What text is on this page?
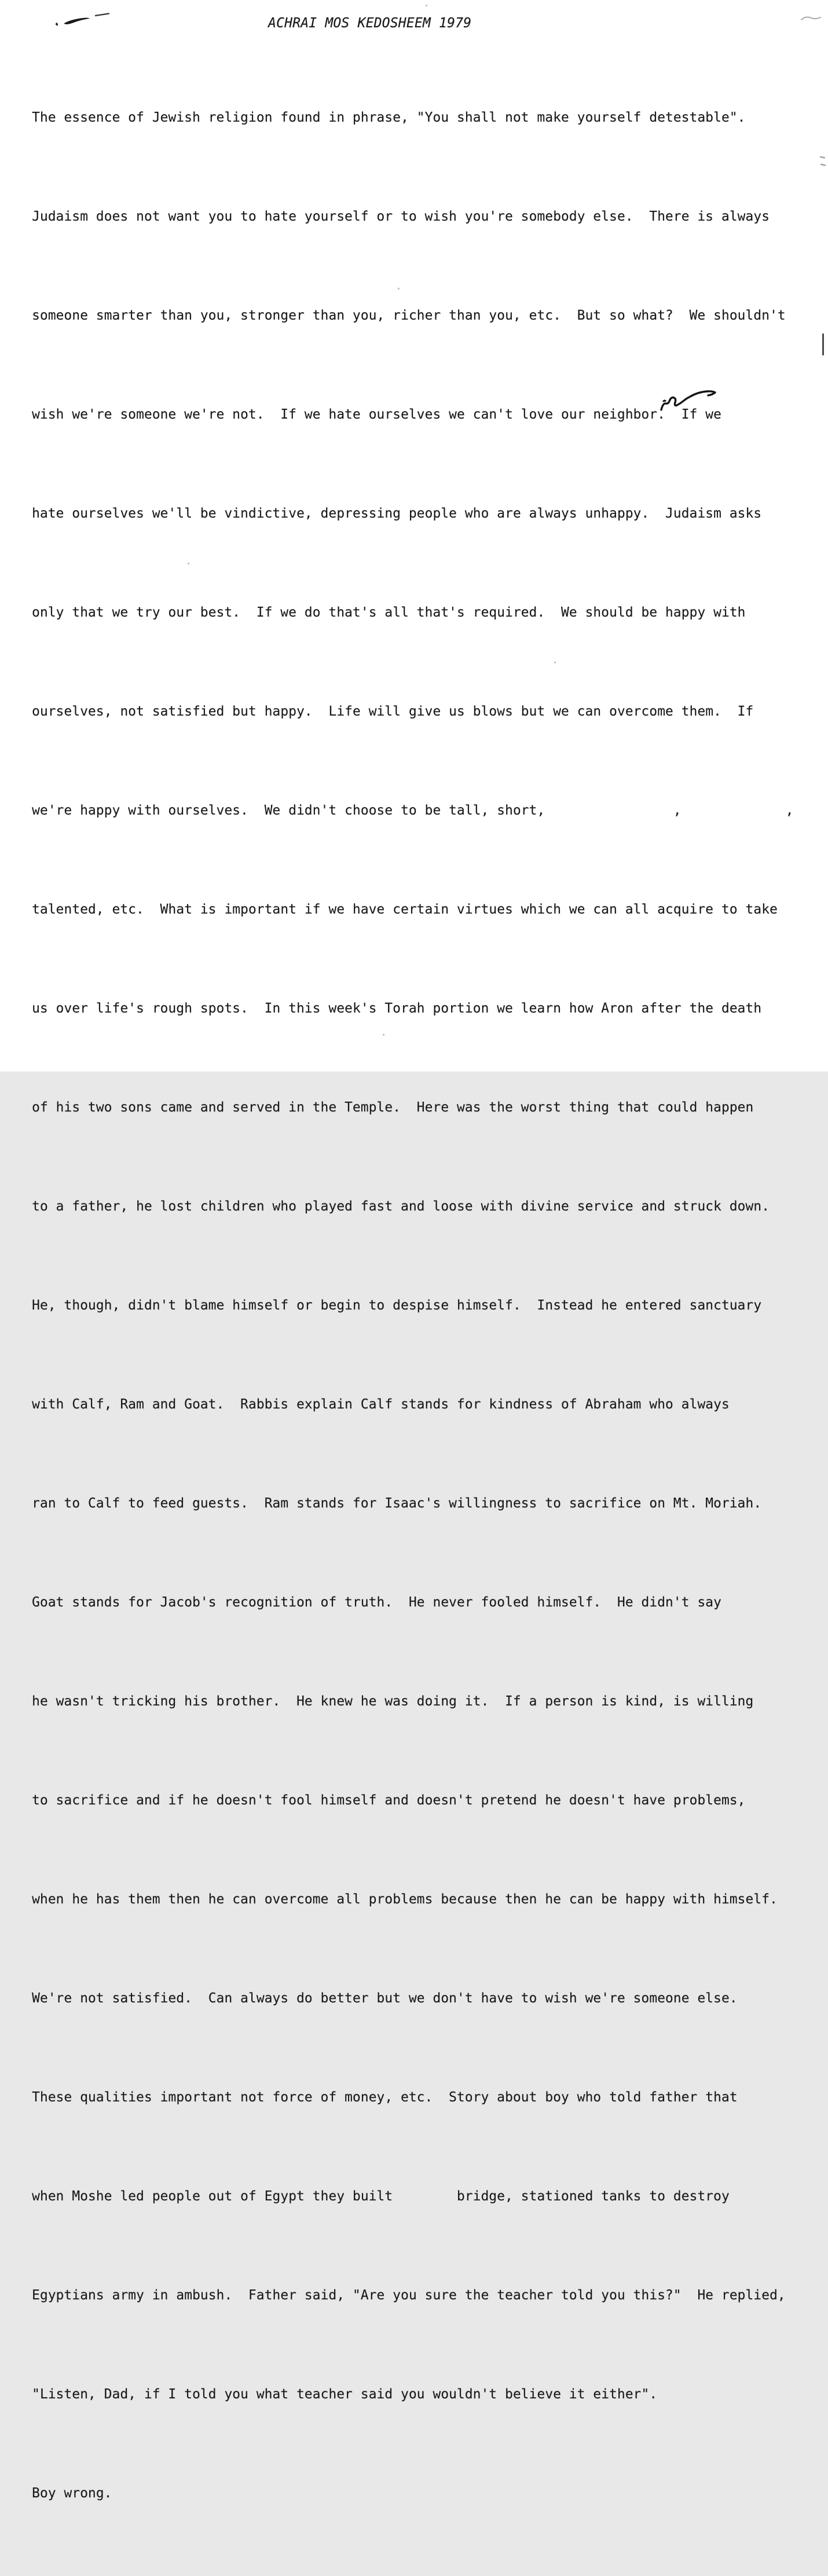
ACHRAI MOS KEDOSHEEM 1979

The essence of Jewish religion found in phrase, "You shall not make yourself detestable".

Judaism does not want you to hate yourself or to wish you're somebody else.  There is always

someone smarter than you, stronger than you, richer than you, etc.  But so what?  We shouldn't

wish we're someone we're not.  If we hate ourselves we can't love our neighbor.  If we

hate ourselves we'll be vindictive, depressing people who are always unhappy.  Judaism asks

only that we try our best.  If we do that's all that's required.  We should be happy with

ourselves, not satisfied but happy.  Life will give us blows but we can overcome them.  If

we're happy with ourselves.  We didn't choose to be tall, short,                ,             ,

talented, etc.  What is important if we have certain virtues which we can all acquire to take

us over life's rough spots.  In this week's Torah portion we learn how Aron after the death

of his two sons came and served in the Temple.  Here was the worst thing that could happen

to a father, he lost children who played fast and loose with divine service and struck down.

He, though, didn't blame himself or begin to despise himself.  Instead he entered sanctuary

with Calf, Ram and Goat.  Rabbis explain Calf stands for kindness of Abraham who always

ran to Calf to feed guests.  Ram stands for Isaac's willingness to sacrifice on Mt. Moriah.

Goat stands for Jacob's recognition of truth.  He never fooled himself.  He didn't say

he wasn't tricking his brother.  He knew he was doing it.  If a person is kind, is willing

to sacrifice and if he doesn't fool himself and doesn't pretend he doesn't have problems,

when he has them then he can overcome all problems because then he can be happy with himself.

We're not satisfied.  Can always do better but we don't have to wish we're someone else.

These qualities important not force of money, etc.  Story about boy who told father that

when Moshe led people out of Egypt they built        bridge, stationed tanks to destroy

Egyptians army in ambush.  Father said, "Are you sure the teacher told you this?"  He replied,

"Listen, Dad, if I told you what teacher said you wouldn't believe it either".

Boy wrong.
